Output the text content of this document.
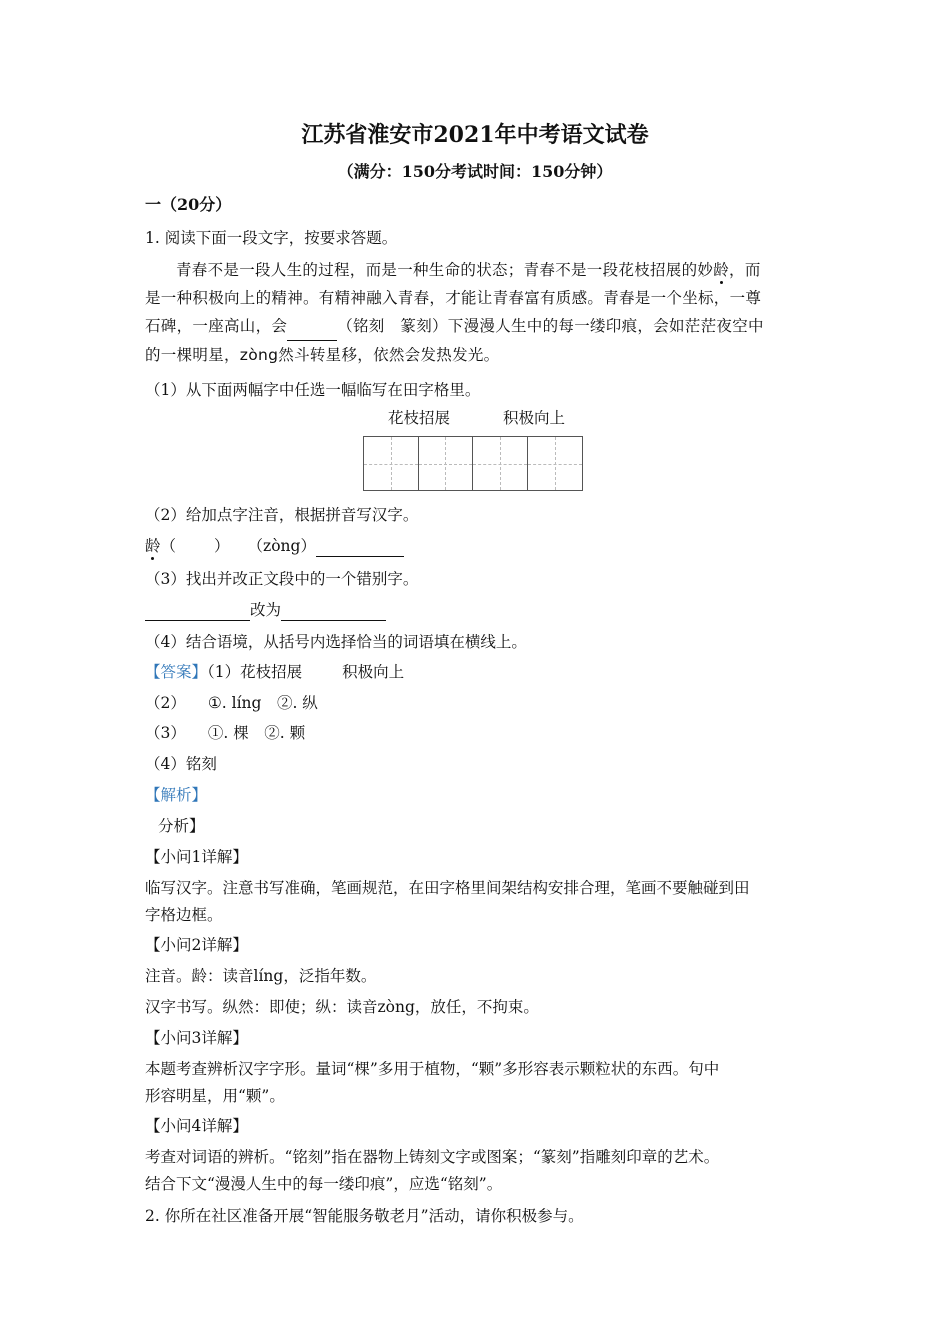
江苏省淮安市2021年中考语文试卷
（满分：150分考试时间：150分钟）
一（20分）
1. 阅读下面一段文字，按要求答题。

青春不是一段人生的过程，而是一种生命的状态；青春不是一段花枝招展的妙龄，而

是一种积极向上的精神。有精神融入青春，才能让青春富有质感。青春是一个坐标，一尊

石碑，一座高山，会	（铭刻　篆刻）下漫漫人生中的每一缕印痕，会如茫茫夜空中

的一棵明星，zòng然斗转星移，依然会发热发光。

（1）从下面两幅字中任选一幅临写在田字格里。
花枝招展	积极向上
（2）给加点字注音，根据拼音写汉字。
龄（ ） （zòng）
（3）找出并改正文段中的一个错别字。
改为
（4）结合语境，从括号内选择恰当的词语填在横线上。
【答案】（1）花枝招展	积极向上
（2） ①. líng　②. 纵
（3） ①. 棵　②. 颗
（4）铭刻
【解析】
分析】
【小问1详解】
临写汉字。注意书写准确，笔画规范，在田字格里间架结构安排合理，笔画不要触碰到田
字格边框。
【小问2详解】
注音。龄：读音líng，泛指年数。
汉字书写。纵然：即使；纵：读音zòng，放任，不拘束。
【小问3详解】
本题考查辨析汉字字形。量词“棵”多用于植物，“颗”多形容表示颗粒状的东西。句中
形容明星，用“颗”。
【小问4详解】
考查对词语的辨析。“铭刻”指在器物上铸刻文字或图案；“篆刻”指雕刻印章的艺术。
结合下文“漫漫人生中的每一缕印痕”，应选“铭刻”。
2. 你所在社区准备开展“智能服务敬老月”活动，请你积极参与。
